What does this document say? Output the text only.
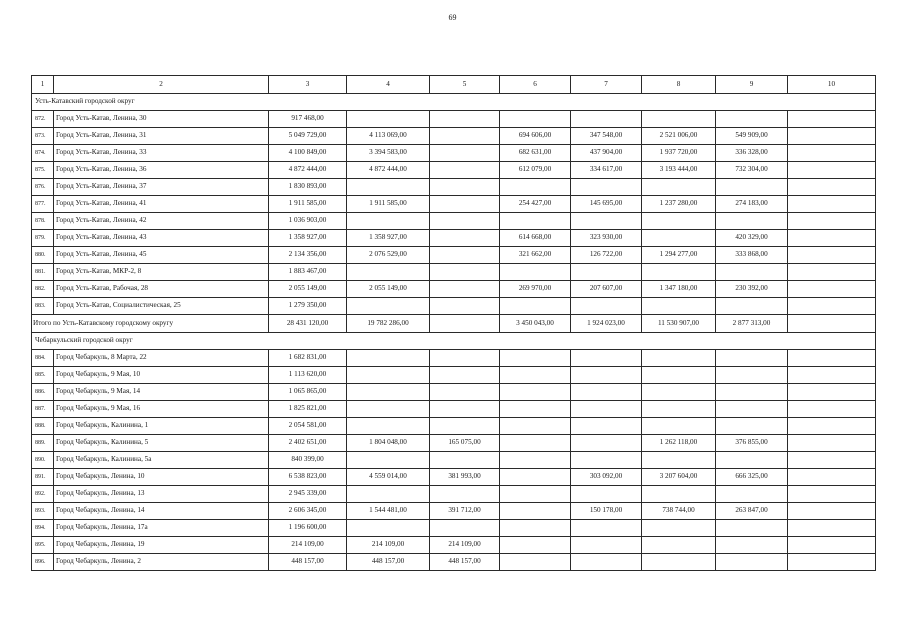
69
1	2	3	4	5	6	7	8	9	10
Усть-Катавский городской округ									
872.	Город Усть-Катав, Ленина, 30	917 468,00							
873.	Город Усть-Катав, Ленина, 31	5 049 729,00	4 113 069,00		694 606,00	347 548,00	2 521 006,00	549 909,00	
874.	Город Усть-Катав, Ленина, 33	4 100 849,00	3 394 583,00		682 631,00	437 904,00	1 937 720,00	336 328,00	
875.	Город Усть-Катав, Ленина, 36	4 872 444,00	4 872 444,00		612 079,00	334 617,00	3 193 444,00	732 304,00	
876.	Город Усть-Катав, Ленина, 37	1 830 893,00							
877.	Город Усть-Катав, Ленина, 41	1 911 585,00	1 911 585,00		254 427,00	145 695,00	1 237 280,00	274 183,00	
878.	Город Усть-Катав, Ленина, 42	1 036 903,00							
879.	Город Усть-Катав, Ленина, 43	1 358 927,00	1 358 927,00		614 668,00	323 930,00		420 329,00	
880.	Город Усть-Катав, Ленина, 45	2 134 356,00	2 076 529,00		321 662,00	126 722,00	1 294 277,00	333 868,00	
881.	Город Усть-Катав, МКР-2, 8	1 883 467,00							
882.	Город Усть-Катав, Рабочая, 28	2 055 149,00	2 055 149,00		269 970,00	207 607,00	1 347 180,00	230 392,00	
883.	Город Усть-Катав, Социалистическая, 25	1 279 350,00							
Итого по Усть-Катавскому городскому округу		28 431 120,00	19 782 286,00		3 450 043,00	1 924 023,00	11 530 907,00	2 877 313,00	
Чебаркульский городской округ									
884.	Город Чебаркуль, 8 Марта, 22	1 682 831,00							
885.	Город Чебаркуль, 9 Мая, 10	1 113 620,00							
886.	Город Чебаркуль, 9 Мая, 14	1 065 865,00							
887.	Город Чебаркуль, 9 Мая, 16	1 825 821,00							
888.	Город Чебаркуль, Калинина, 1	2 054 581,00							
889.	Город Чебаркуль, Калинина, 5	2 402 651,00	1 804 048,00	165 075,00			1 262 118,00	376 855,00	
890.	Город Чебаркуль, Калинина, 5а	840 399,00							
891.	Город Чебаркуль, Ленина, 10	6 538 823,00	4 559 014,00	381 993,00		303 092,00	3 207 604,00	666 325,00	
892.	Город Чебаркуль, Ленина, 13	2 945 339,00							
893.	Город Чебаркуль, Ленина, 14	2 606 345,00	1 544 481,00	391 712,00		150 178,00	738 744,00	263 847,00	
894.	Город Чебаркуль, Ленина, 17а	1 196 600,00							
895.	Город Чебаркуль, Ленина, 19	214 109,00	214 109,00	214 109,00					
896.	Город Чебаркуль, Ленина, 2	448 157,00	448 157,00	448 157,00					
